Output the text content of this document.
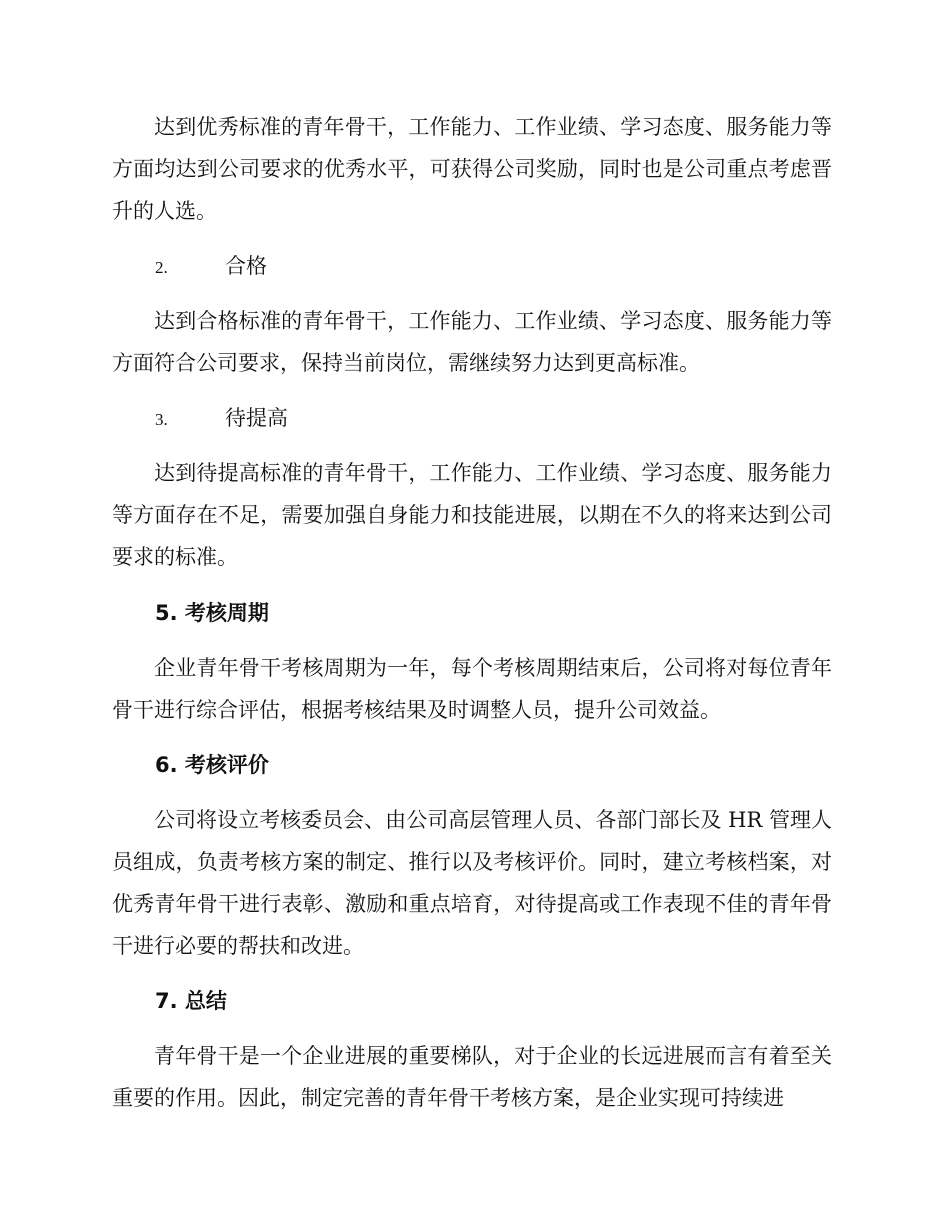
达到优秀标准的青年骨干，工作能力、工作业绩、学习态度、服务能力等方面均达到公司要求的优秀水平，可获得公司奖励，同时也是公司重点考虑晋升的人选。

2.	合格

达到合格标准的青年骨干，工作能力、工作业绩、学习态度、服务能力等方面符合公司要求，保持当前岗位，需继续努力达到更高标准。

3.	待提高

达到待提高标准的青年骨干，工作能力、工作业绩、学习态度、服务能力等方面存在不足，需要加强自身能力和技能进展，以期在不久的将来达到公司要求的标准。

5. 考核周期

企业青年骨干考核周期为一年，每个考核周期结束后，公司将对每位青年骨干进行综合评估，根据考核结果及时调整人员，提升公司效益。

6. 考核评价

公司将设立考核委员会、由公司高层管理人员、各部门部长及 HR 管理人员组成，负责考核方案的制定、推行以及考核评价。同时，建立考核档案，对优秀青年骨干进行表彰、激励和重点培育，对待提高或工作表现不佳的青年骨干进行必要的帮扶和改进。

7. 总结

青年骨干是一个企业进展的重要梯队，对于企业的长远进展而言有着至关重要的作用。因此，制定完善的青年骨干考核方案，是企业实现可持续进
